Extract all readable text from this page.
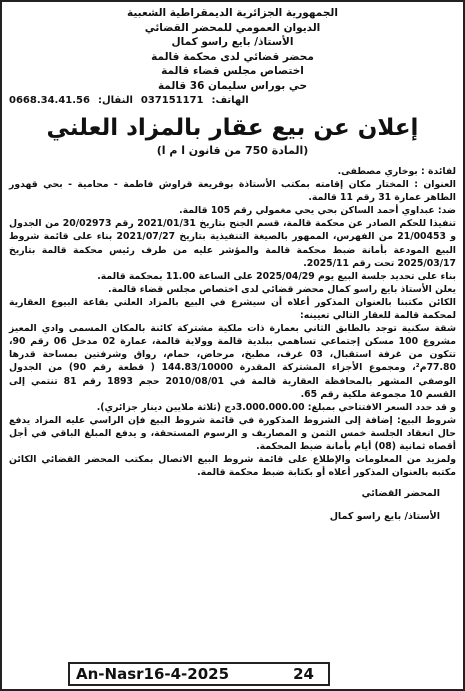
الجمهورية الجزائرية الديمقراطية الشعبية
الديوان العمومي للمحضر القضائي
الأستاذ/ بايع راسو كمال
محضر قضائي لدى محكمة قالمة
اختصاص مجلس قضاء قالمة
حي بوراس سليمان 36 قالمة
الهاتف:
037151171
النقال:
0668.34.41.56
إعلان عن بيع عقار بالمزاد العلني
(المادة 750 من قانون ا م ا)

لفائدة : بوخاري مصطفى.

العنوان : المختار مكان إقامته بمكتب الأستاذة بوقريعة قراوش فاطمة - محامية - بحي قهدور الطاهر عمارة 31 رقم 11 قالمة.

ضد: عبداوي أحمد الساكن بحي يحي مغمولي رقم 105 قالمة.

تنفيذا للحكم الصادر عن محكمة قالمة، قسم الجنح بتاريخ 2021/01/31 رقم 20/02973 من الجدول و 21/00453 من الفهرس، الممهور بالصيغة التنفيذية بتاريخ 2021/07/27 بناء على قائمة شروط البيع المودعة بأمانة ضبط محكمة قالمة والمؤشر عليه من طرف رئيس محكمة قالمة بتاريخ 2025/03/17 تحت رقم 2025/11.

بناء على تحديد جلسة البيع يوم 2025/04/29 على الساعة 11.00 بمحكمة قالمة.

يعلن الأستاذ بايع راسو كمال محضر قضائي لدى اختصاص مجلس قضاء قالمة.

الكائن مكتبنا بالعنوان المذكور أعلاه أن سيشرع في البيع بالمزاد العلني بقاعة البيوع العقارية لمحكمة قالمة للعقار التالي تعيينه:

شقة سكنية توجد بالطابق الثاني بعمارة ذات ملكية مشتركة كائنة بالمكان المسمى وادي المعيز مشروع 100 مسكن إجتماعي تساهمي ببلدية قالمة وولاية قالمة، عمارة 02 مدخل 06 رقم 90، تتكون من غرفة استقبال، 03 غرف، مطبخ، مرحاض، حمام، رواق وشرفتين بمساحة قدرها 77.80م²، ومجموع الأجزاء المشتركة المقدرة 144.83/10000 ( قطعة رقم 90) من الجدول الوصفي المشهر بالمحافظة العقارية قالمة في 2010/08/01 حجم 1893 رقم 81 تنتمي إلى القسم 10 مجموعة ملكية رقم 65.

و قد حدد السعر الافتتاحي بمبلغ: 3.000.000.00دج (ثلاثة ملايين دينار جزائري).

شروط البيع: إضافة إلى الشروط المذكورة في قائمة شروط البيع فإن الراسي عليه المزاد يدفع حال انعقاد الجلسة خمس الثمن و المصاريف و الرسوم المستحقة، و يدفع المبلغ الباقي في أجل أقصاه ثمانية (08) أيام بأمانة ضبط المحكمة.

ولمزيد من المعلومات والإطلاع على قائمة شروط البيع الاتصال بمكتب المحضر القضائي الكائن مكتبه بالعنوان المذكور أعلاه أو بكتابة ضبط محكمة قالمة.

المحضر القضائي
الأستاذ/ بايع راسو كمال
An-Nasr16-4-2025	24
